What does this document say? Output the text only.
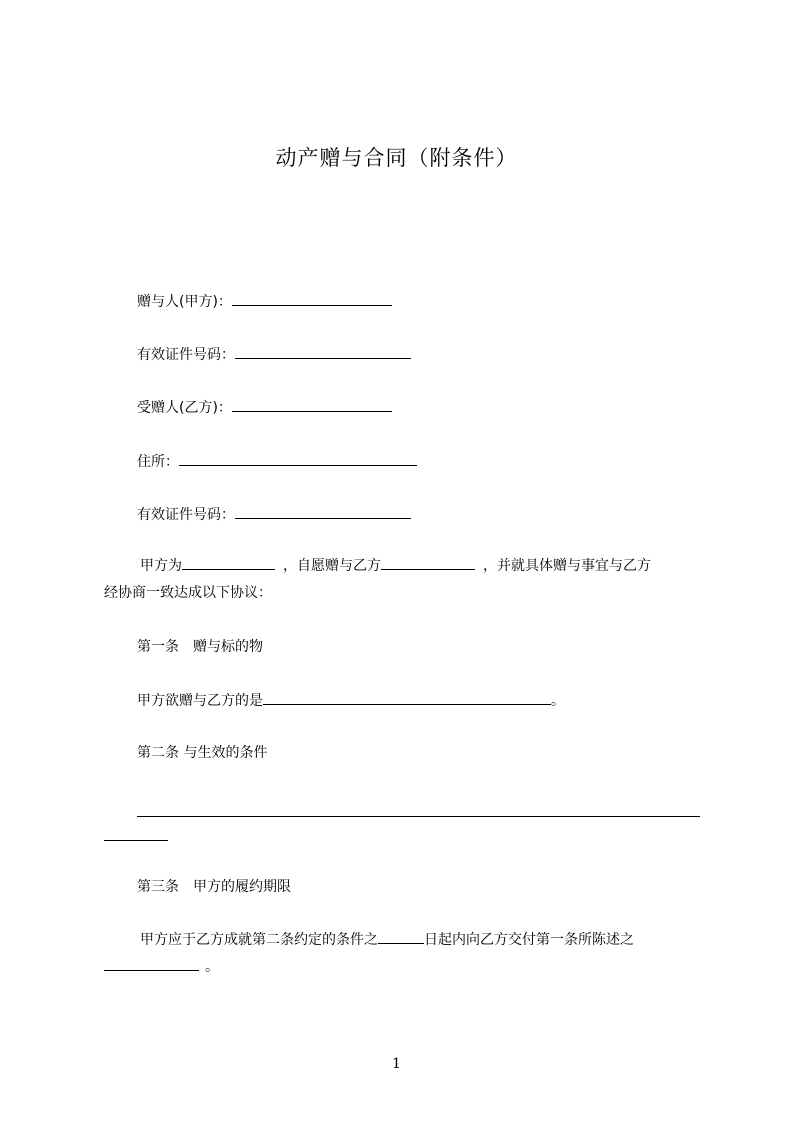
动产赠与合同（附条件）
赠与人(甲方)：
有效证件号码：
受赠人(乙方)：
住所：
有效证件号码：
甲方为	，自愿赠与乙方	，并就具体赠与事宜与乙方
经协商一致达成以下协议：
第一条　赠与标的物
甲方欲赠与乙方的是	。
第二条 与生效的条件
第三条　甲方的履约期限
甲方应于乙方成就第二条约定的条件之	日起内向乙方交付第一条所陈述之
。
1
